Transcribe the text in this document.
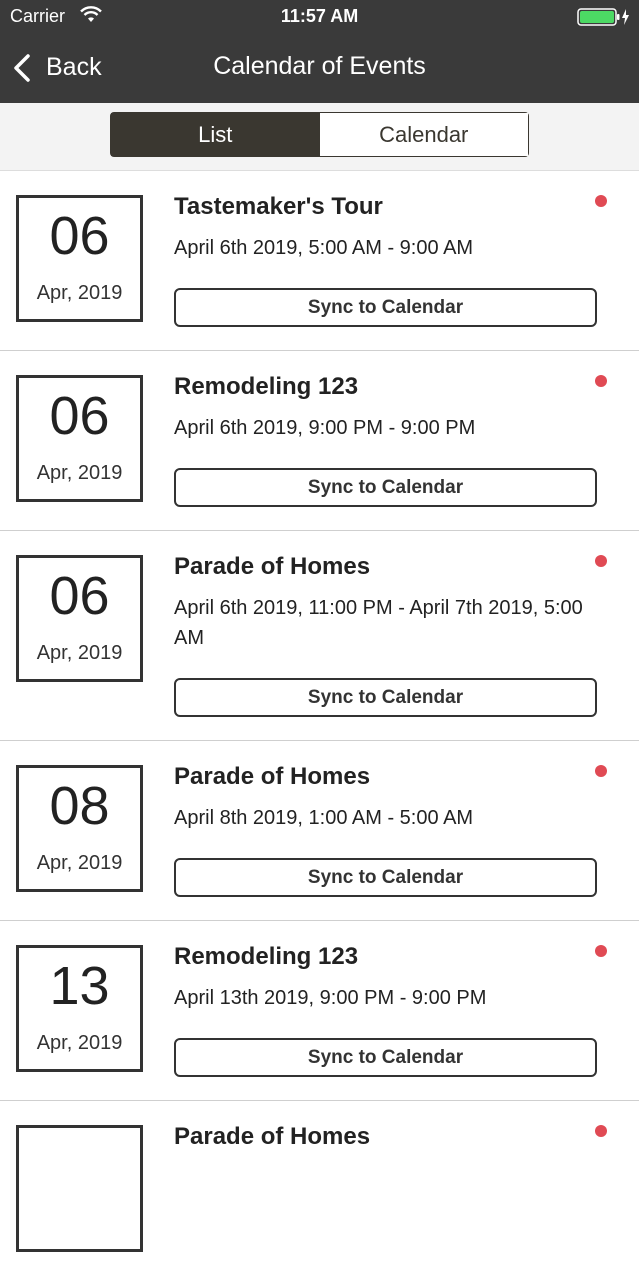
Carrier	11:57 AM
Back	Calendar of Events
List	Calendar
06
Apr, 2019
Tastemaker's Tour
April 6th 2019, 5:00 AM - 9:00 AM
Sync to Calendar
06
Apr, 2019
Remodeling 123
April 6th 2019, 9:00 PM - 9:00 PM
Sync to Calendar
06
Apr, 2019
Parade of Homes
April 6th 2019, 11:00 PM - April 7th 2019, 5:00 AM
Sync to Calendar
08
Apr, 2019
Parade of Homes
April 8th 2019, 1:00 AM - 5:00 AM
Sync to Calendar
13
Apr, 2019
Remodeling 123
April 13th 2019, 9:00 PM - 9:00 PM
Sync to Calendar
Parade of Homes
